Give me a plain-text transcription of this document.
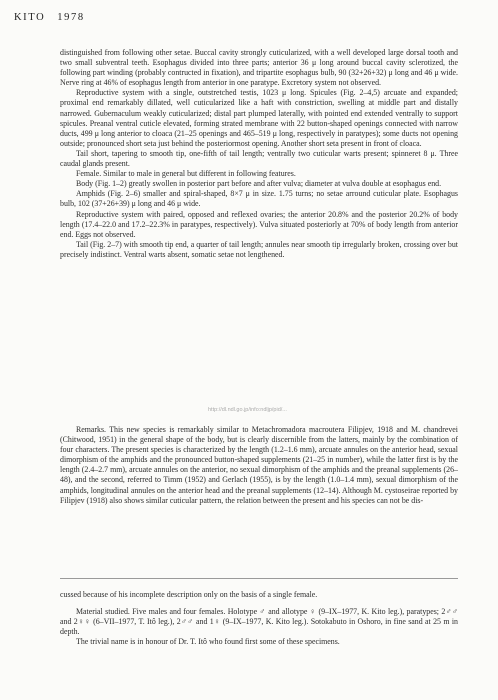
KITO 1978

distinguished from following other setae. Buccal cavity strongly cuticularized, with a well developed large dorsal tooth and two small subventral teeth. Esophagus divided into three parts; anterior 36 μ long around buccal cavity sclerotized, the following part winding (probably contructed in fixation), and tripartite esophagus bulb, 90 (32+26+32) μ long and 46 μ wide. Nerve ring at 46% of esophagus length from anterior in one paratype. Excretory system not observed.

Reproductive system with a single, outstretched testis, 1023 μ long. Spicules (Fig. 2–4,5) arcuate and expanded; proximal end remarkably dillated, well cuticularized like a haft with constriction, swelling at middle part and distally narrowed. Gubernaculum weakly cuticularized; distal part plumped laterally, with pointed end extended ventrally to support spicules. Preanal ventral cuticle elevated, forming strated membrane with 22 button-shaped openings connected with narrow ducts, 499 μ long anterior to cloaca (21–25 openings and 465–519 μ long, respectively in paratypes); some ducts not opening outside; pronounced short seta just behind the posteriormost opening. Another short seta present in front of cloaca.

Tail short, tapering to smooth tip, one-fifth of tail length; ventrally two cuticular warts present; spinneret 8 μ. Three caudal glands present.

Female. Similar to male in general but different in following features.

Body (Fig. 1–2) greatly swollen in posterior part before and after vulva; diameter at vulva double at esophagus end.

Amphids (Fig. 2–6) smaller and spiral-shaped, 8×7 μ in size. 1.75 turns; no setae arround cuticular plate. Esophagus bulb, 102 (37+26+39) μ long and 46 μ wide.

Reproductive system with paired, opposed and reflexed ovaries; the anterior 20.8% and the posterior 20.2% of body length (17.4–22.0 and 17.2–22.3% in paratypes, respectively). Vulva situated posteriorly at 70% of body length from anterior end. Eggs not observed.

Tail (Fig. 2–7) with smooth tip end, a quarter of tail length; annules near smooth tip irregularly broken, crossing over but precisely indistinct. Ventral warts absent, somatic setae not lengthened.

http://dl.ndl.go.jp/info:ndljp/pid/...

Remarks. This new species is remarkably similar to Metachromadora macroutera Filipjev, 1918 and M. chandrevei (Chitwood, 1951) in the general shape of the body, but is clearly discernible from the latters, mainly by the combination of four characters. The present species is characterized by the length (1.2–1.6 mm), arcuate annules on the anterior head, sexual dimorphism of the amphids and the pronounced button-shaped supplements (21–25 in number), while the latter first is by the length (2.4–2.7 mm), arcuate annules on the anterior, no sexual dimorphism of the amphids and the preanal supplements (26–48), and the second, referred to Timm (1952) and Gerlach (1955), is by the length (1.0–1.4 mm), sexual dimorphism of the amphids, longitudinal annules on the anterior head and the preanal supplements (12–14). Although M. cystoseirae reported by Filipjev (1918) also shows similar cuticular pattern, the relation between the present and his species can not be dis-

cussed because of his incomplete description only on the basis of a single female.

Material studied. Five males and four females. Holotype ♂ and allotype ♀ (9–IX–1977, K. Kito leg.), paratypes; 2♂♂ and 2♀♀ (6–VII–1977, T. Itô leg.), 2♂♂ and 1♀ (9–IX–1977, K. Kito leg.). Sotokabuto in Oshoro, in fine sand at 25 m in depth.

The trivial name is in honour of Dr. T. Itô who found first some of these specimens.
